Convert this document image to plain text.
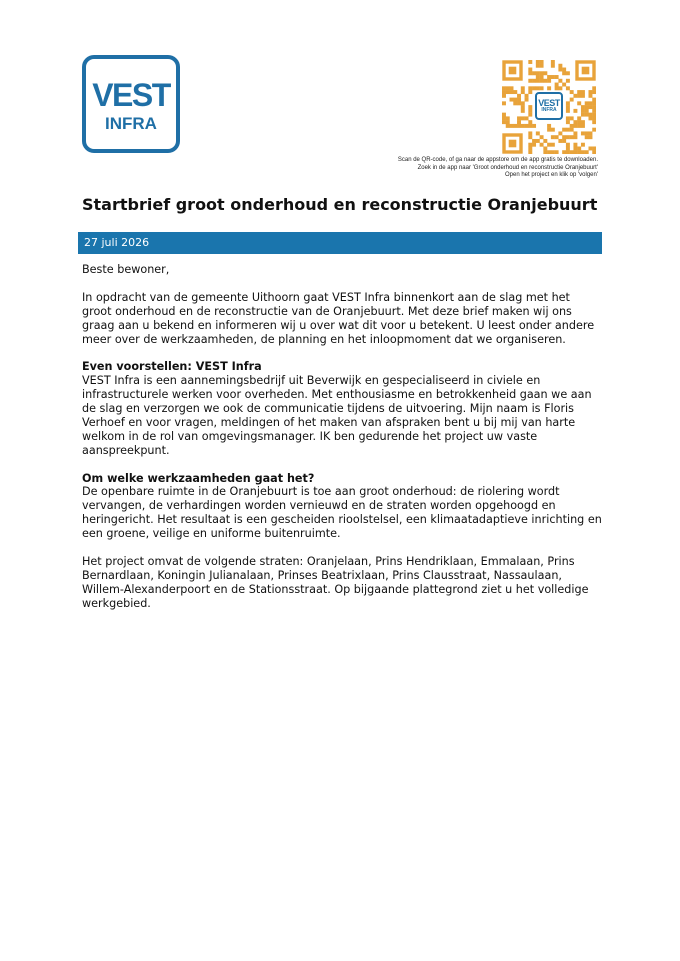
VEST
INFRA
VEST
INFRA
Scan de QR-code, of ga naar de appstore om de app gratis te downloaden.
Zoek in de app naar 'Groot onderhoud en reconstructie Oranjebuurt'
Open het project en klik op 'volgen'
Startbrief groot onderhoud en reconstructie Oranjebuurt
27 juli 2026

Beste bewoner,

In opdracht van de gemeente Uithoorn gaat VEST Infra binnenkort aan de slag met het groot onderhoud en de reconstructie van de Oranjebuurt. Met deze brief maken wij ons graag aan u bekend en informeren wij u over wat dit voor u betekent. U leest onder andere meer over de werkzaamheden, de planning en het inloopmoment dat we organiseren.

Even voorstellen: VEST Infra

VEST Infra is een aannemingsbedrijf uit Beverwijk en gespecialiseerd in civiele en infrastructurele werken voor overheden. Met enthousiasme en betrokkenheid gaan we aan de slag en verzorgen we ook de communicatie tijdens de uitvoering. Mijn naam is Floris Verhoef en voor vragen, meldingen of het maken van afspraken bent u bij mij van harte welkom in de rol van omgevingsmanager. IK ben gedurende het project uw vaste aanspreekpunt.

Om welke werkzaamheden gaat het?

De openbare ruimte in de Oranjebuurt is toe aan groot onderhoud: de riolering wordt vervangen, de verhardingen worden vernieuwd en de straten worden opgehoogd en heringericht. Het resultaat is een gescheiden rioolstelsel, een klimaatadaptieve inrichting en een groene, veilige en uniforme buitenruimte.

Het project omvat de volgende straten: Oranjelaan, Prins Hendriklaan, Emmalaan, Prins Bernardlaan, Koningin Julianalaan, Prinses Beatrixlaan, Prins Clausstraat, Nassaulaan, Willem-Alexanderpoort en de Stationsstraat. Op bijgaande plattegrond ziet u het volledige werkgebied.
